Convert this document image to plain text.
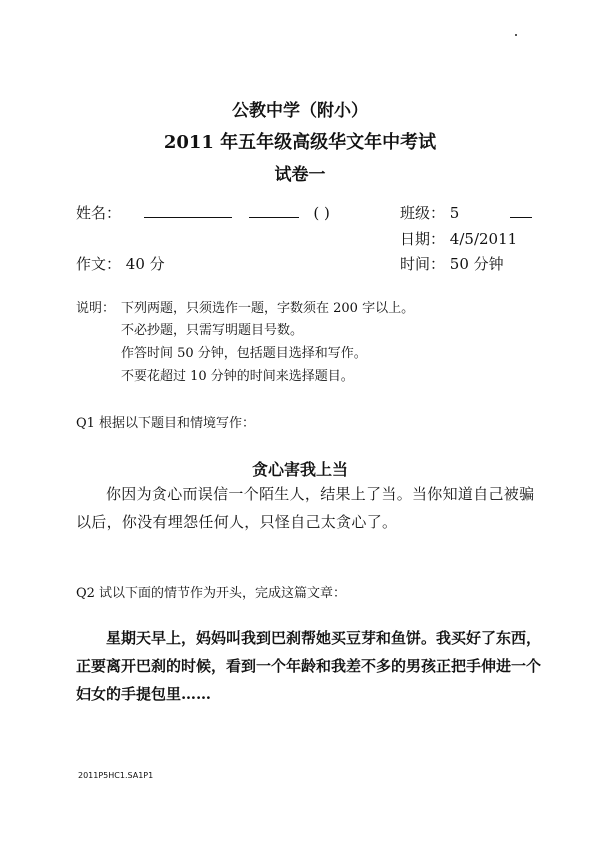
公教中学（附小）
2011 年五年级高级华文年中考试
试卷一
姓名：	( )	班级： 5
日期： 4/5/2011
作文： 40 分	时间： 50 分钟
说明： 下列两题，只须选作一题，字数须在 200 字以上。
不必抄题，只需写明题目号数。
作答时间 50 分钟，包括题目选择和写作。
不要花超过 10 分钟的时间来选择题目。
Q1 根据以下题目和情境写作：
贪心害我上当
你因为贪心而误信一个陌生人，结果上了当。当你知道自己被骗以后，你没有埋怨任何人，只怪自己太贪心了。
Q2 试以下面的情节作为开头，完成这篇文章：
星期天早上，妈妈叫我到巴刹帮她买豆芽和鱼饼。我买好了东西，正要离开巴刹的时候，看到一个年龄和我差不多的男孩正把手伸进一个妇女的手提包里……
2011P5HC1.SA1P1
